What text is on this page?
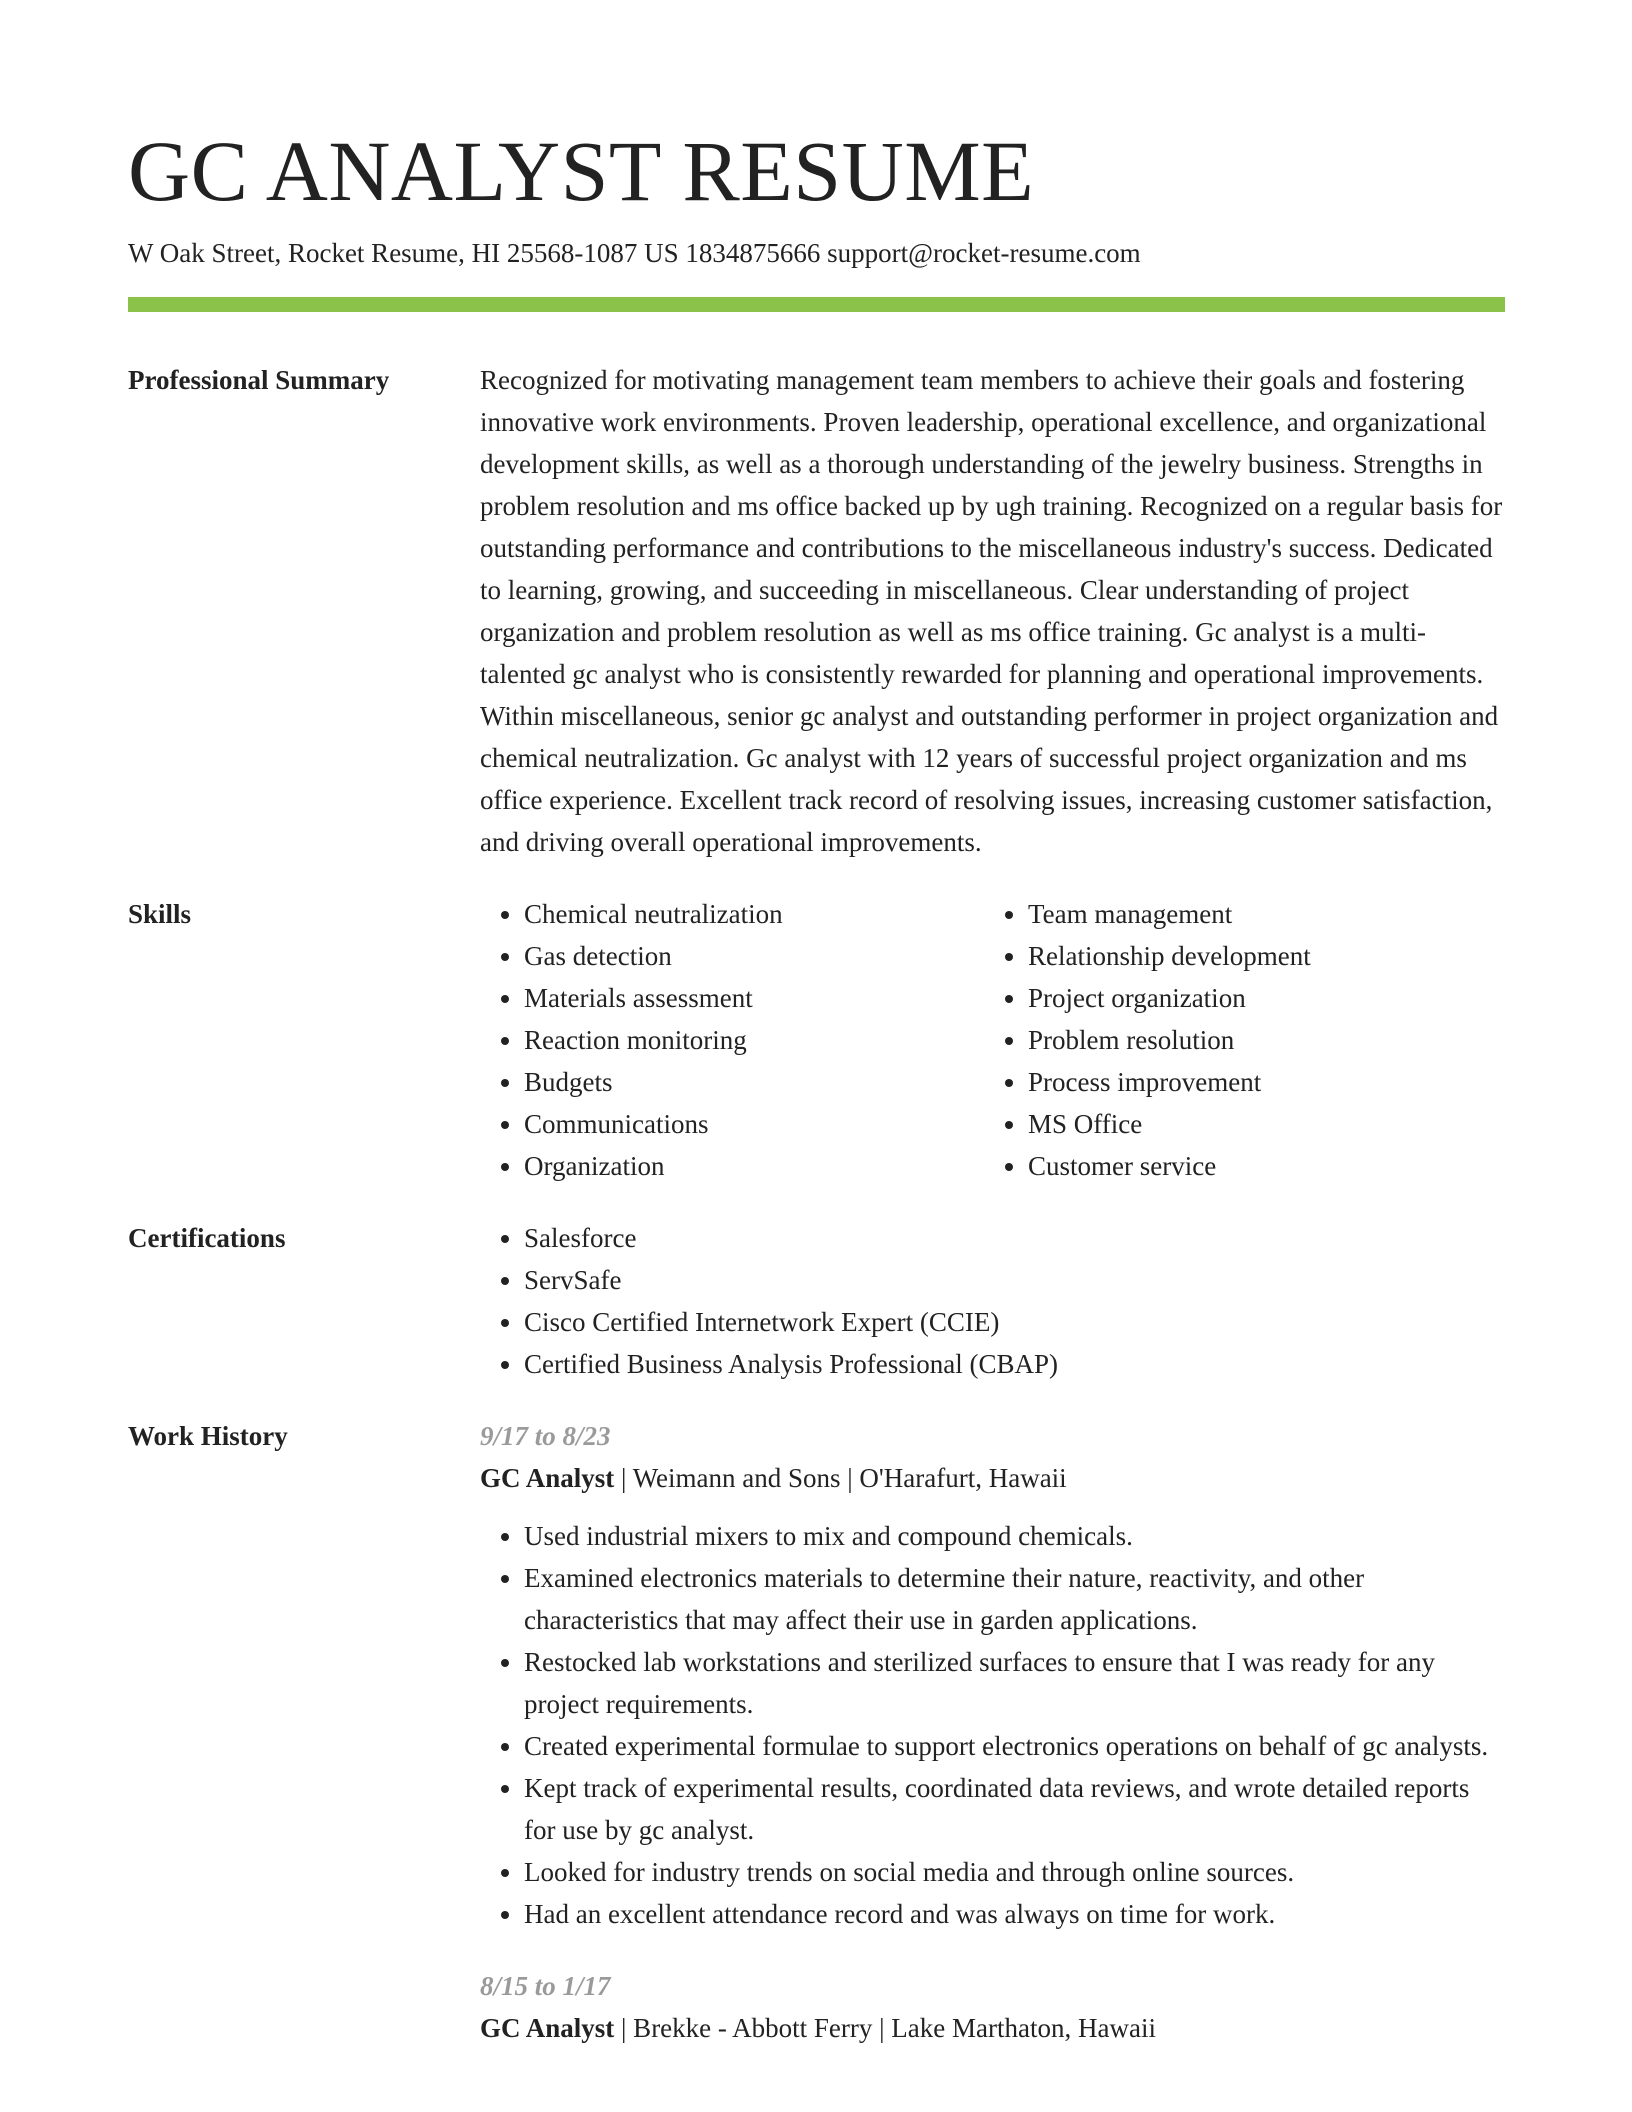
GC ANALYST RESUME
W Oak Street, Rocket Resume, HI 25568-1087 US 1834875666 support@rocket-resume.com
Professional Summary	Recognized for motivating management team members to achieve their goals and fostering innovative work environments. Proven leadership, operational excellence, and organizational development skills, as well as a thorough understanding of the jewelry business. Strengths in problem resolution and ms office backed up by ugh training. Recognized on a regular basis for outstanding performance and contributions to the miscellaneous industry's success. Dedicated to learning, growing, and succeeding in miscellaneous. Clear understanding of project organization and problem resolution as well as ms office training. Gc analyst is a multi-talented gc analyst who is consistently rewarded for planning and operational improvements. Within miscellaneous, senior gc analyst and outstanding performer in project organization and chemical neutralization. Gc analyst with 12 years of successful project organization and ms office experience. Excellent track record of resolving issues, increasing customer satisfaction, and driving overall operational improvements.

Skills	• Chemical neutralization
• Gas detection
• Materials assessment
• Reaction monitoring
• Budgets
• Communications
• Organization
• Team management
• Relationship development
• Project organization
• Problem resolution
• Process improvement
• MS Office
• Customer service
Certifications	• Salesforce
• ServSafe
• Cisco Certified Internetwork Expert (CCIE)
• Certified Business Analysis Professional (CBAP)
Work History	9/17 to 8/23
GC Analyst | Weimann and Sons | O'Harafurt, Hawaii
• Used industrial mixers to mix and compound chemicals.
• Examined electronics materials to determine their nature, reactivity, and other characteristics that may affect their use in garden applications.
• Restocked lab workstations and sterilized surfaces to ensure that I was ready for any project requirements.
• Created experimental formulae to support electronics operations on behalf of gc analysts.
• Kept track of experimental results, coordinated data reviews, and wrote detailed reports for use by gc analyst.
• Looked for industry trends on social media and through online sources.
• Had an excellent attendance record and was always on time for work.
8/15 to 1/17
GC Analyst | Brekke - Abbott Ferry | Lake Marthaton, Hawaii
